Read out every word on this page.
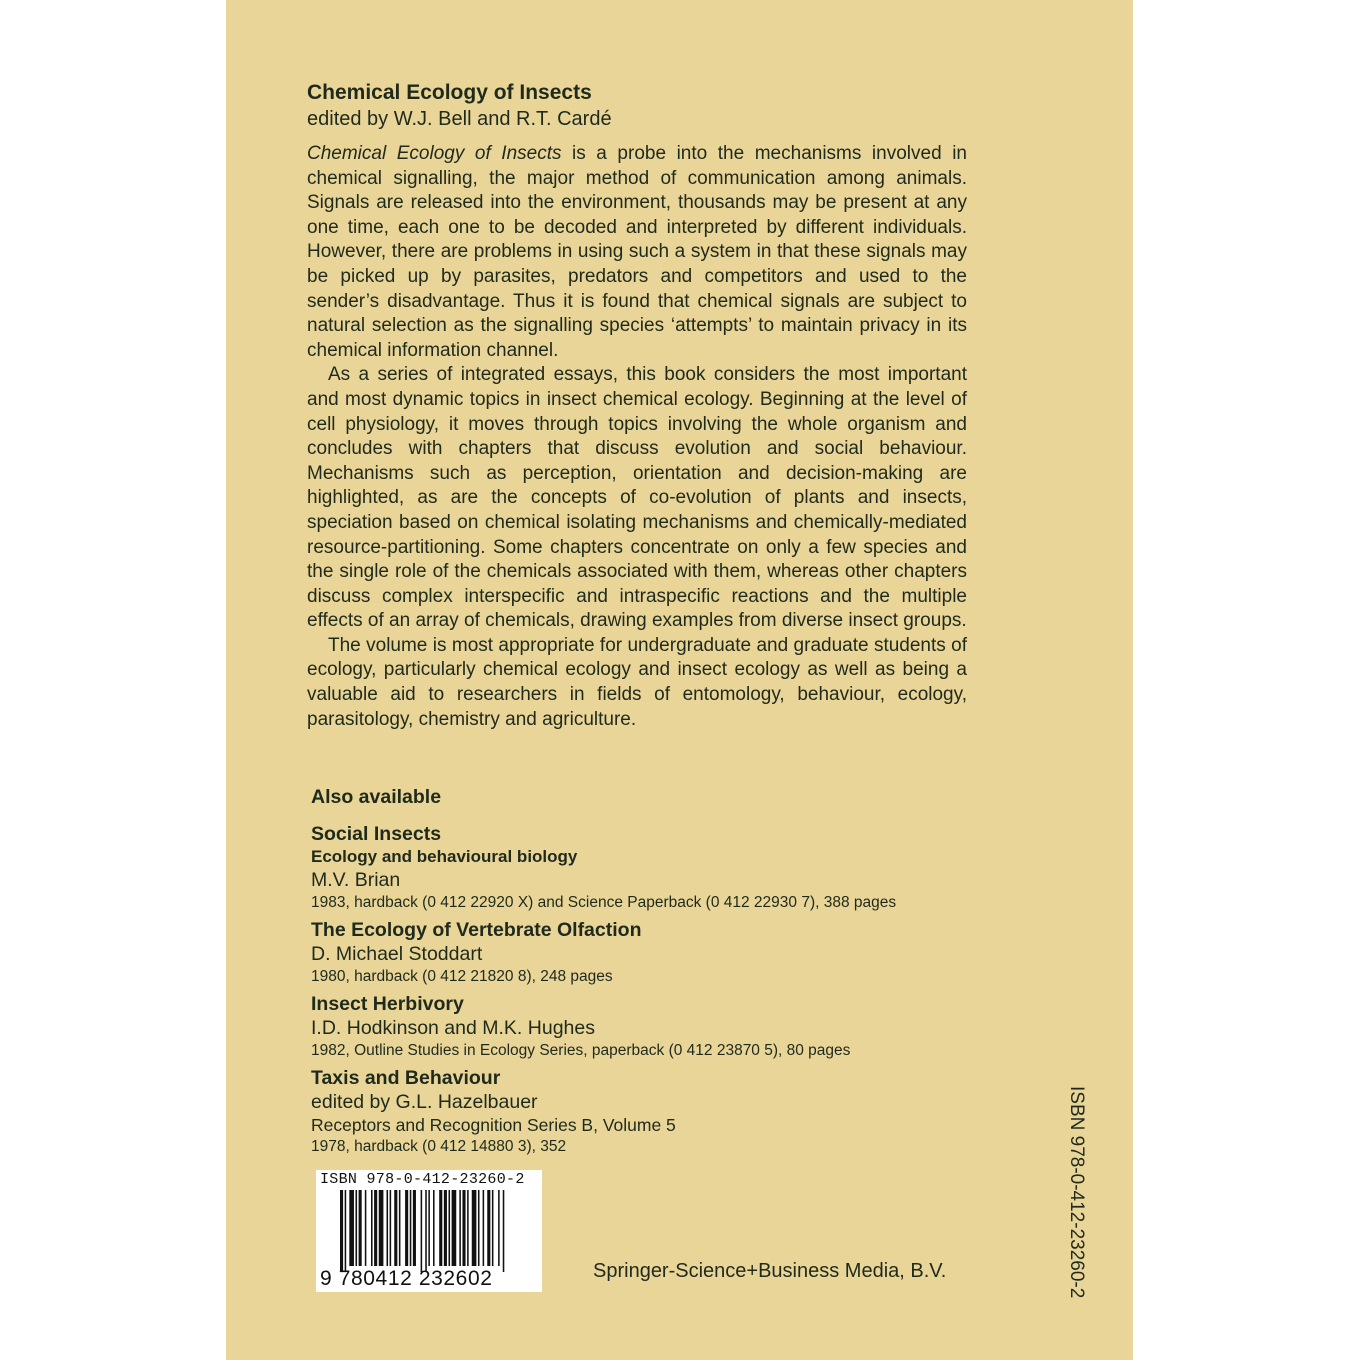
Chemical Ecology of Insects

edited by W.J. Bell and R.T. Cardé

Chemical Ecology of Insects is a probe into the mechanisms involved in chemical signalling, the major method of communication among animals. Signals are released into the environment, thousands may be present at any one time, each one to be decoded and interpreted by different individuals. However, there are problems in using such a system in that these signals may be picked up by parasites, predators and competitors and used to the sender’s disadvantage. Thus it is found that chemical signals are subject to natural selection as the signalling species ‘attempts’ to maintain privacy in its chemical information channel.

As a series of integrated essays, this book considers the most important and most dynamic topics in insect chemical ecology. Beginning at the level of cell physiology, it moves through topics involving the whole organism and concludes with chapters that discuss evolution and social behaviour. Mechanisms such as perception, orientation and decision-making are highlighted, as are the concepts of co-evolution of plants and insects, speciation based on chemical isolating mechanisms and chemically-mediated resource-partitioning. Some chapters concentrate on only a few species and the single role of the chemicals associated with them, whereas other chapters discuss complex interspecific and intraspecific reactions and the multiple effects of an array of chemicals, drawing examples from diverse insect groups.

The volume is most appropriate for undergraduate and graduate students of ecology, particularly chemical ecology and insect ecology as well as being a valuable aid to researchers in fields of entomology, behaviour, ecology, parasitology, chemistry and agriculture.

Also available

Social Insects
Ecology and behavioural biology
M.V. Brian
1983, hardback (0 412 22920 X) and Science Paperback (0 412 22930 7), 388 pages
The Ecology of Vertebrate Olfaction
D. Michael Stoddart
1980, hardback (0 412 21820 8), 248 pages
Insect Herbivory
I.D. Hodkinson and M.K. Hughes
1982, Outline Studies in Ecology Series, paperback (0 412 23870 5), 80 pages
Taxis and Behaviour
edited by G.L. Hazelbauer
Receptors and Recognition Series B, Volume 5
1978, hardback (0 412 14880 3), 352
ISBN 978-0-412-23260-2
9 780412 232602	Springer-Science+Business Media, B.V.	ISBN 978-0-412-23260-2
